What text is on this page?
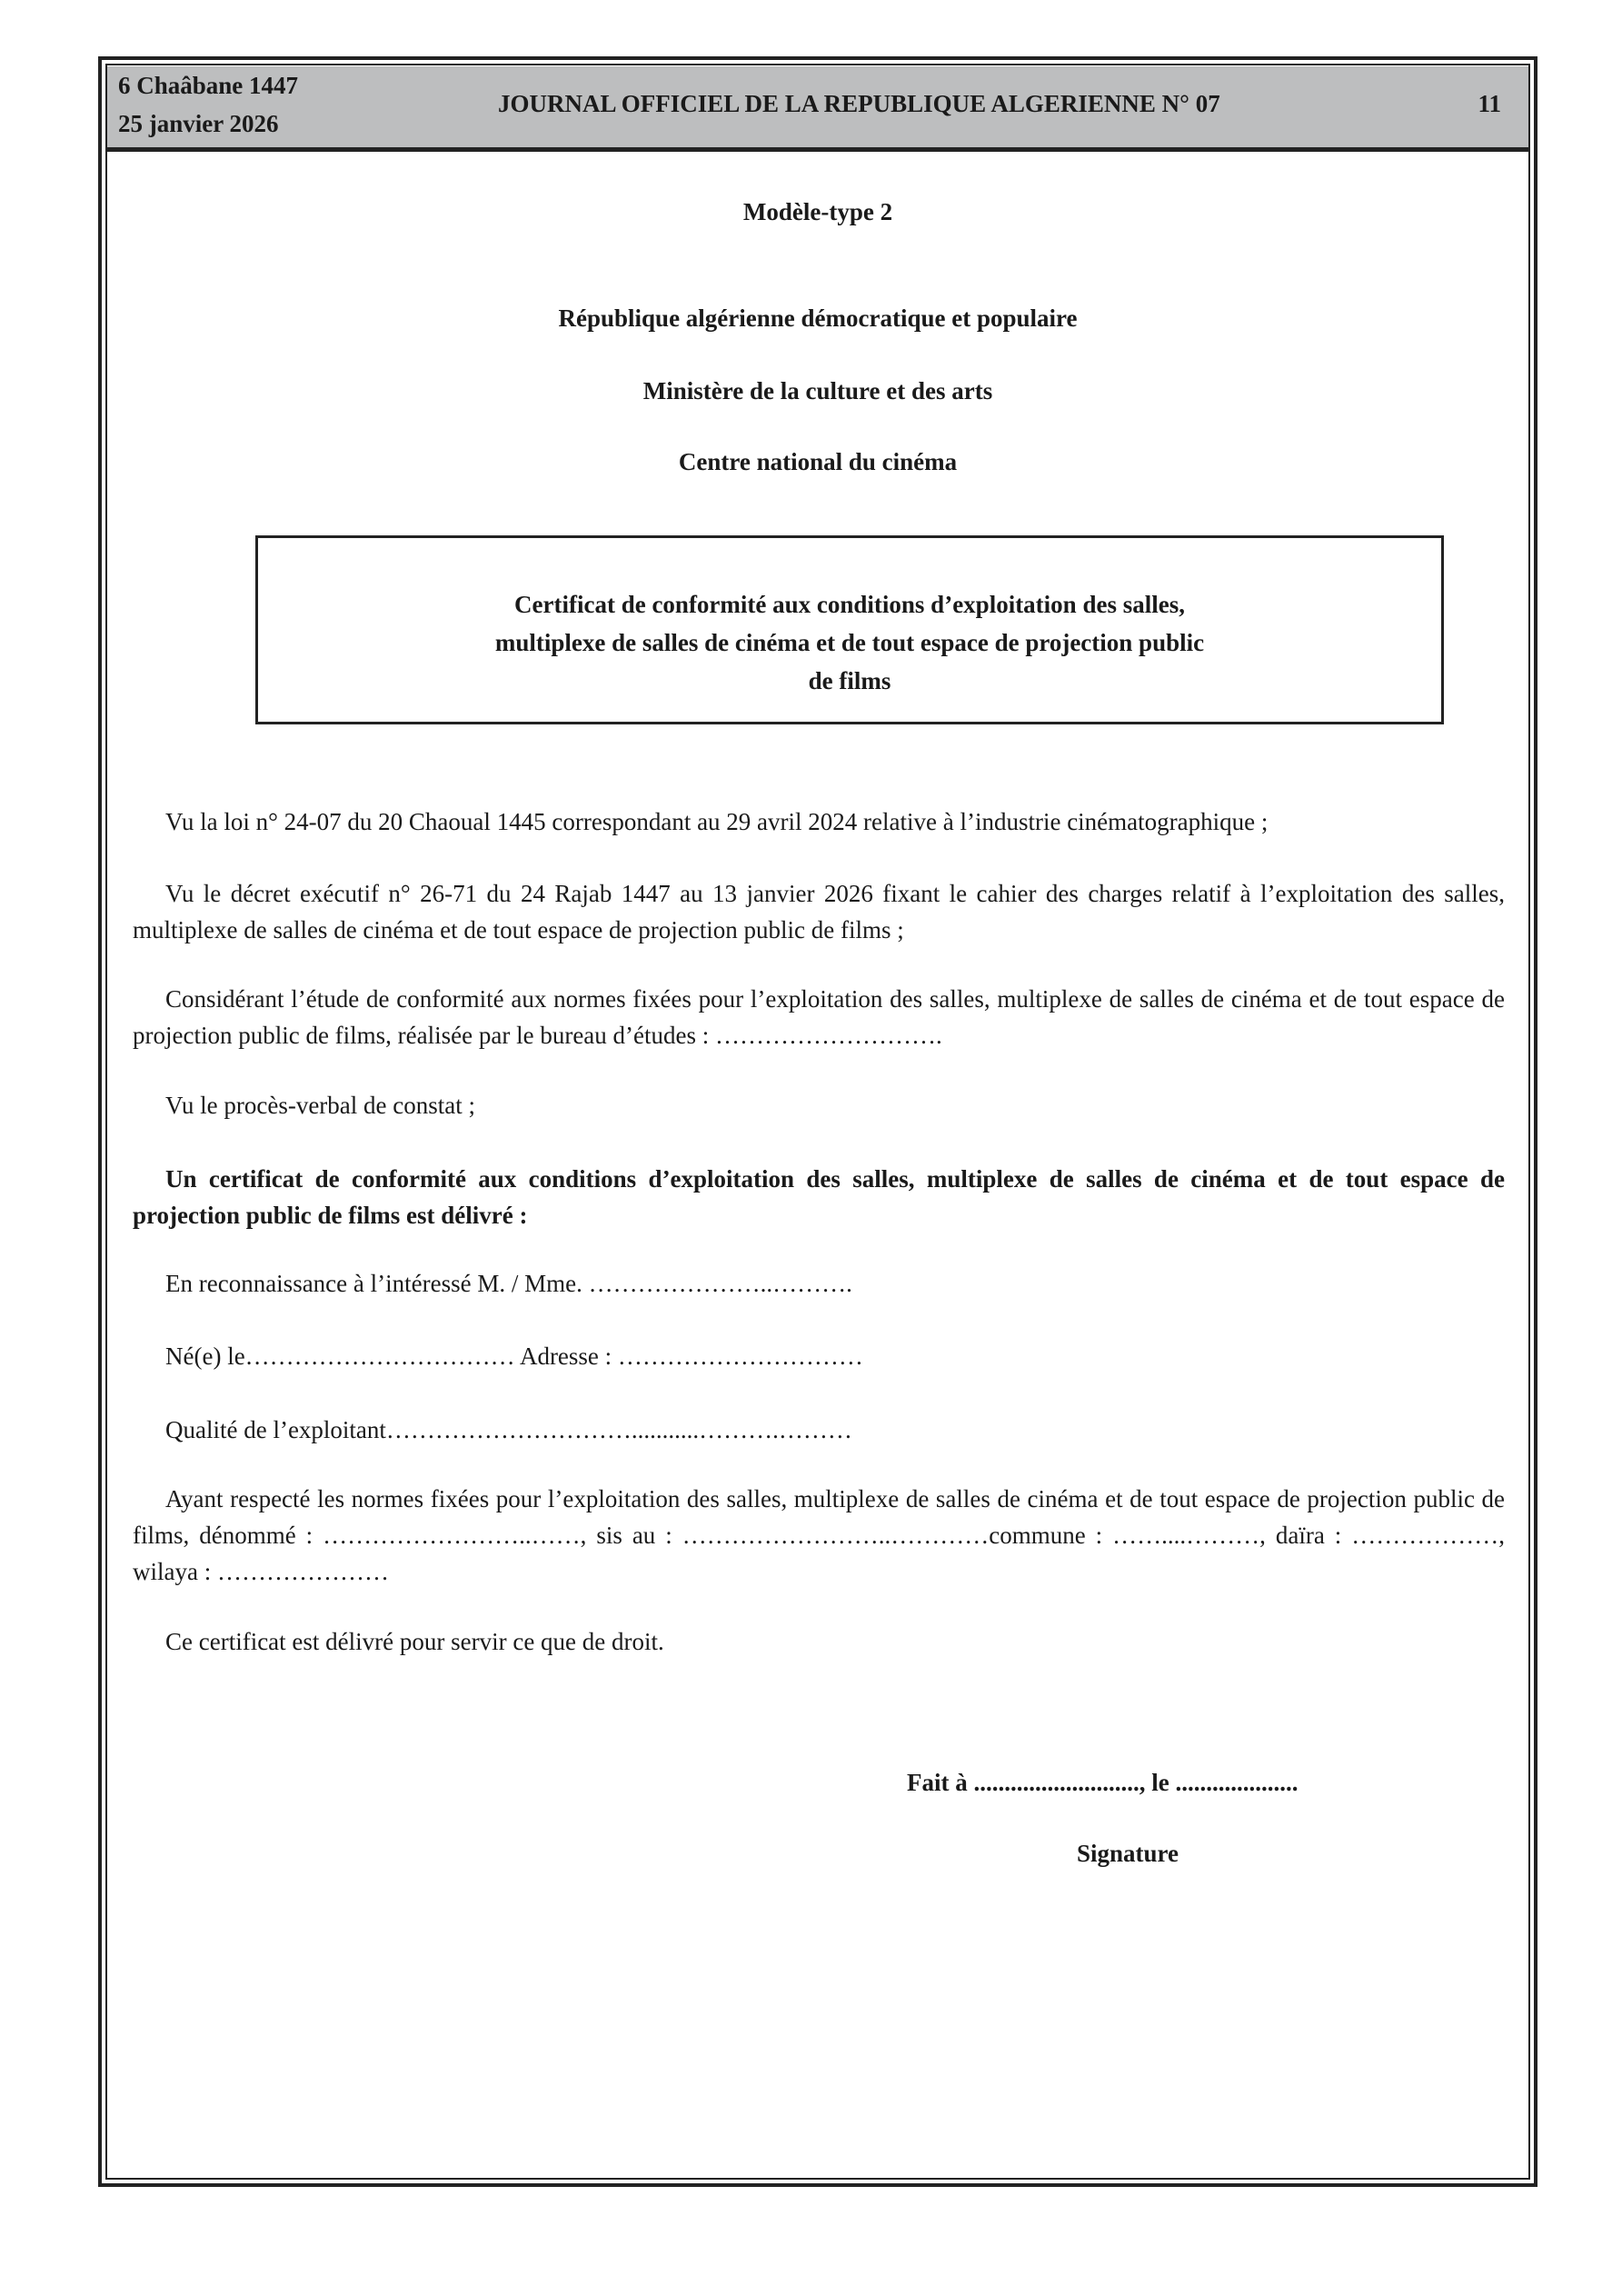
6 Chaâbane 1447
25 janvier 2026
JOURNAL OFFICIEL DE LA REPUBLIQUE ALGERIENNE N° 07	11
Modèle-type 2
République algérienne démocratique et populaire
Ministère de la culture et des arts
Centre national du cinéma
Certificat de conformité aux conditions d’exploitation des salles, multiplexe de salles de cinéma et de tout espace de projection public de films
Vu la loi n° 24-07 du 20 Chaoual 1445 correspondant au 29 avril 2024 relative à l’industrie cinématographique ;
Vu le décret exécutif n° 26-71 du 24 Rajab 1447 au 13 janvier 2026 fixant le cahier des charges relatif à l’exploitation des salles, multiplexe de salles de cinéma et de tout espace de projection public de films ;
Considérant l’étude de conformité aux normes fixées pour l’exploitation des salles, multiplexe de salles de cinéma et de tout espace de projection public de films, réalisée par le bureau d’études : ……………………….
Vu le procès-verbal de constat ;
Un certificat de conformité aux conditions d’exploitation des salles, multiplexe de salles de cinéma et de tout espace de projection public de films est délivré :
En reconnaissance à l’intéressé M. / Mme. …………………..……….
Né(e) le…………………………… Adresse : …………………………
Qualité de l’exploitant…………………………...........……….………
Ayant respecté les normes fixées pour l’exploitation des salles, multiplexe de salles de cinéma et de tout espace de projection public de films, dénommé : ……………………..……, sis au : ……………………..…………commune : ……....………, daïra : ………………, wilaya : …………………
Ce certificat est délivré pour servir ce que de droit.
Fait à ..........................., le ....................
Signature
